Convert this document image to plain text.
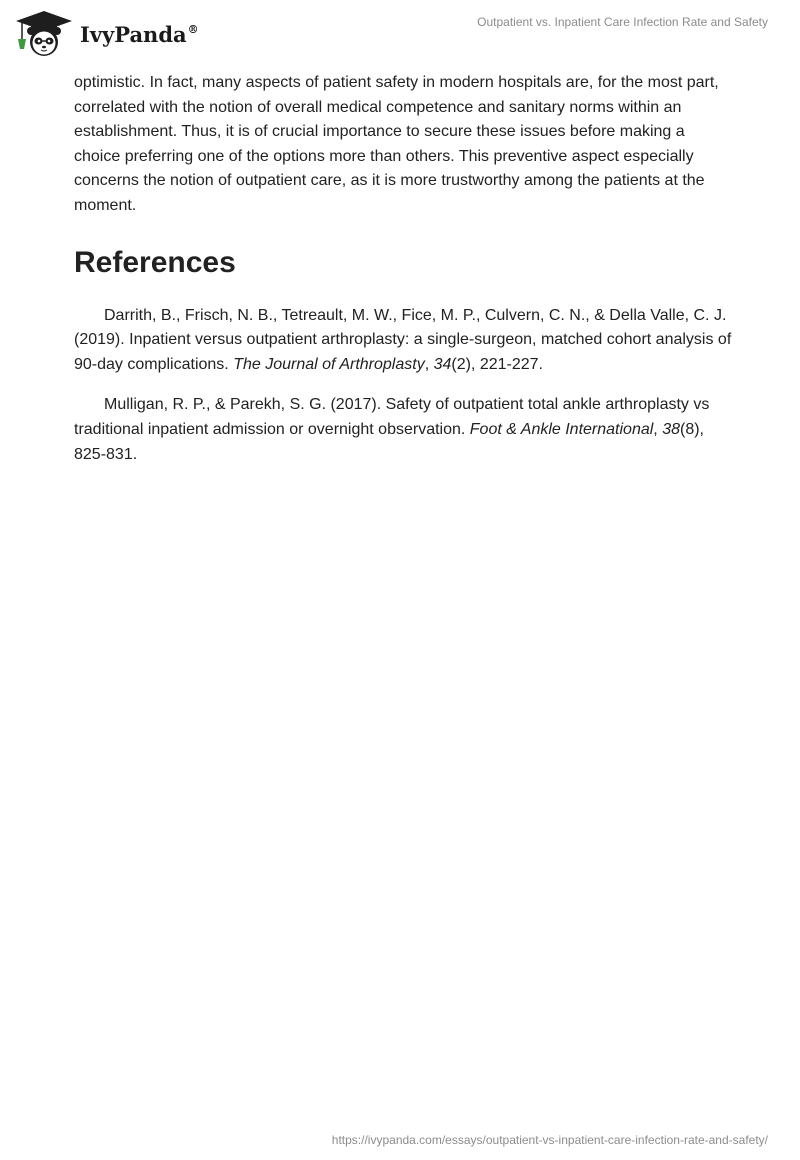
IvyPanda®	Outpatient vs. Inpatient Care Infection Rate and Safety

optimistic. In fact, many aspects of patient safety in modern hospitals are, for the most part, correlated with the notion of overall medical competence and sanitary norms within an establishment. Thus, it is of crucial importance to secure these issues before making a choice preferring one of the options more than others. This preventive aspect especially concerns the notion of outpatient care, as it is more trustworthy among the patients at the moment.

References

Darrith, B., Frisch, N. B., Tetreault, M. W., Fice, M. P., Culvern, C. N., & Della Valle, C. J. (2019). Inpatient versus outpatient arthroplasty: a single-surgeon, matched cohort analysis of 90-day complications. The Journal of Arthroplasty, 34(2), 221-227.

Mulligan, R. P., & Parekh, S. G. (2017). Safety of outpatient total ankle arthroplasty vs traditional inpatient admission or overnight observation. Foot & Ankle International, 38(8), 825-831.

https://ivypanda.com/essays/outpatient-vs-inpatient-care-infection-rate-and-safety/
